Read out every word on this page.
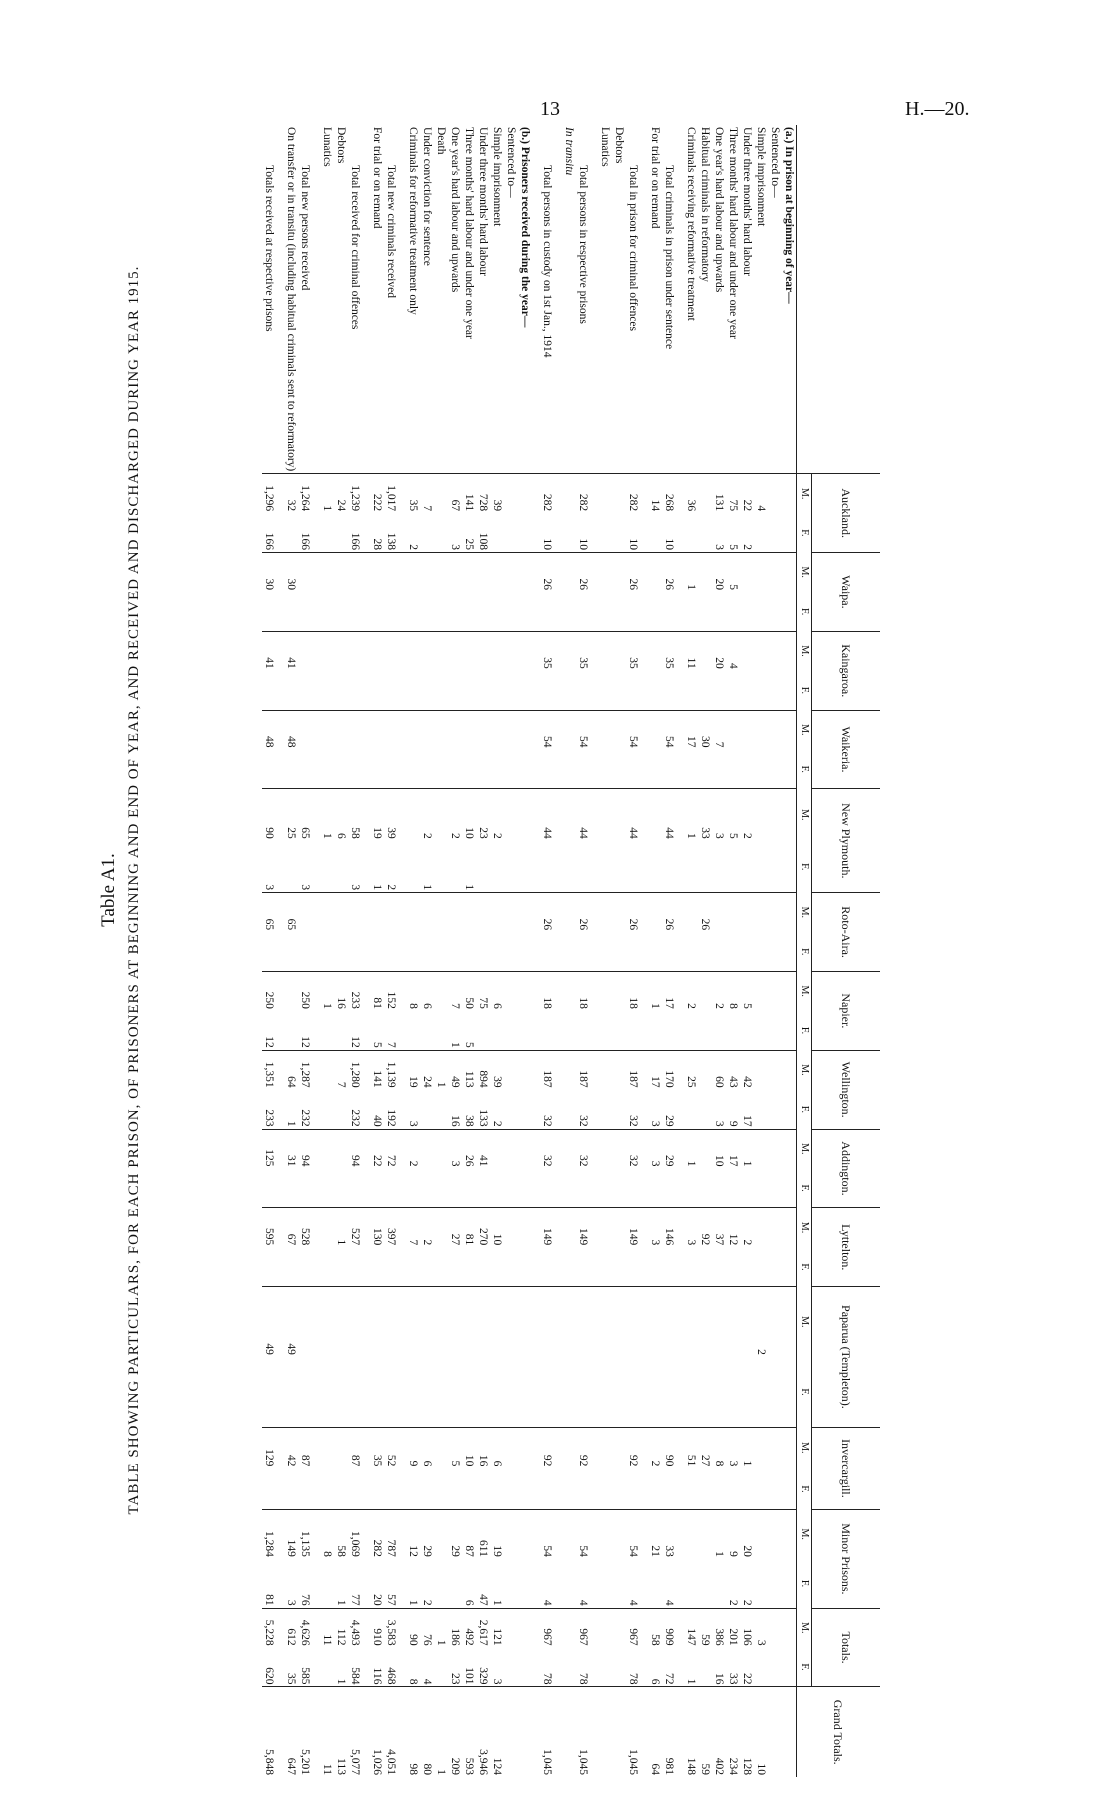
13	H.—20.
Table A1. TABLE SHOWING PARTICULARS, FOR EACH PRISON, OF PRISONERS AT BEGINNING AND END OF YEAR, AND RECEIVED AND DISCHARGED DURING YEAR 1915.
		Auckland.		Waipa.		Kaingaroa.		Waikeria.		New Plymouth.		Roto-Aira.		Napier.		Wellington.		Addington.		Lyttelton.		Paparua (Templeton).		Invercargill.		Minor Prisons.		Totals.		Grand Totals.
	M.	F.	M.	F.	M.	F.	M.	F.	M.	F.	M.	F.	M.	F.	M.	F.	M.	F.	M.	F.	M.	F.	M.	F.	M.	F.	M.	F.	
(a.) In prison at beginning of year—																													
Sentenced to—																													
Simple imprisonment	4																				2						3		10
Under three months' hard labour	22	2							2				5		42	17	1		2				1		20	2	106	22	128
Three months' hard labour and under one year	75	5	5		4				5				8		43	9	17		12				3		9	2	201	33	234
One year's hard labour and upwards	131	3	20		20		7		3				2		60	3	10		37				8		1		386	16	402
Habitual criminals in reformatory							30		33		26								92				27				59		59
Criminals receiving reformative treatment	36		1		11		17		1				2		25		1		3				51				147	1	148

Total criminals in prison under sentence	268	10	26		35		54		44		26		17		170	29	29		146				90		33	4	909	72	981
For trial or on remand	14												1		17	3	3		3				2		21		58	6	64

Total in prison for criminal offences	282	10	26		35		54		44		26		18		187	32	32		149				92		54	4	967	78	1,045
Debtors																													
Lunatics																													

Total persons in respective prisons	282	10	26		35		54		44		26		18		187	32	32		149				92		54	4	967	78	1,045
In transitu																													

Total persons in custody on 1st Jan., 1914	282	10	26		35		54		44		26		18		187	32	32		149				92		54	4	967	78	1,045

(b.) Prisoners received during the year—																													
Sentenced to—																													
Simple imprisonment	39								2				6		39	2			10				6		19	1	121	3	124
Under three months' hard labour	728	108							23				75		894	133	41		270				16		611	47	2,617	329	3,946
Three months' hard labour and under one year	141	25							10	1			50	5	113	38	26		81				10		87	6	492	101	593
One year's hard labour and upwards	67	3							2				7	1	49	16	3		27				5		29		186	23	209
Death															1												1		1
Under conviction for sentence	7								2	1			6		24				2				6		29	2	76	4	80
Criminals for reformative treatment only	35	2											8		19	3	2		7				9		12	1	90	8	98

Total new criminals received	1,017	138							39	2			152	7	1,139	192	72		397				52		787	57	3,583	468	4,051
For trial or on remand	222	28							19	1			81	5	141	40	22		130				35		282	20	910	116	1,026

Total received for criminal offences	1,239	166							58	3			233	12	1,280	232	94		527				87		1,069	77	4,493	584	5,077
Debtors	24								6				16		7				1						58	1	112	1	113
Lunatics	1								1				1												8		11		11

Total new persons received	1,264	166							65	3			250	12	1,287	232	94		528				87		1,135	76	4,626	585	5,201
On transfer or in transitu (including habitual criminals sent to reformatory)	32		30		41		48		25		65				64	1	31		67		49		42		149	3	612	35	647

Totals received at respective prisons	1,296	166	30		41		48		90	3	65		250	12	1,351	233	125		595		49		129		1,284	81	5,228	620	5,848
